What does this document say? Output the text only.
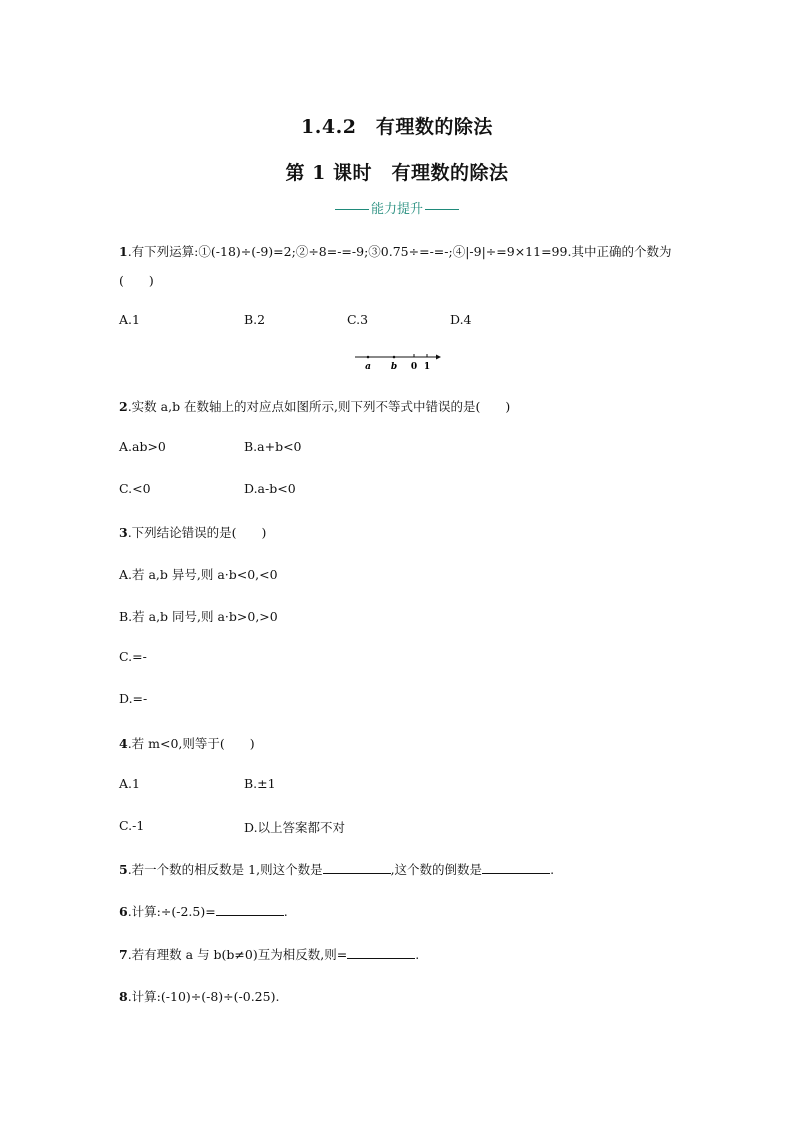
1.4.2　有理数的除法
第 1 课时　有理数的除法
能力提升
1.有下列运算:①(-18)÷(-9)=2;②÷8=-=-9;③0.75÷=-=-;④|-9|÷=9×11=99.其中正确的个数为
(　　)
A.1	B.2	C.3	D.4
a b 0 1
2.实数 a,b 在数轴上的对应点如图所示,则下列不等式中错误的是(　　)
A.ab>0	B.a+b<0
C.<0	D.a-b<0
3.下列结论错误的是(　　)
A.若 a,b 异号,则 a·b<0,<0
B.若 a,b 同号,则 a·b>0,>0
C.=-
D.=-
4.若 m<0,则等于(　　)
A.1	B.±1
C.-1	D.以上答案都不对
5.若一个数的相反数是 1,则这个数是	,这个数的倒数是	.
6.计算:÷(-2.5)=	.
7.若有理数 a 与 b(b≠0)互为相反数,则=	.
8.计算:(-10)÷(-8)÷(-0.25).
